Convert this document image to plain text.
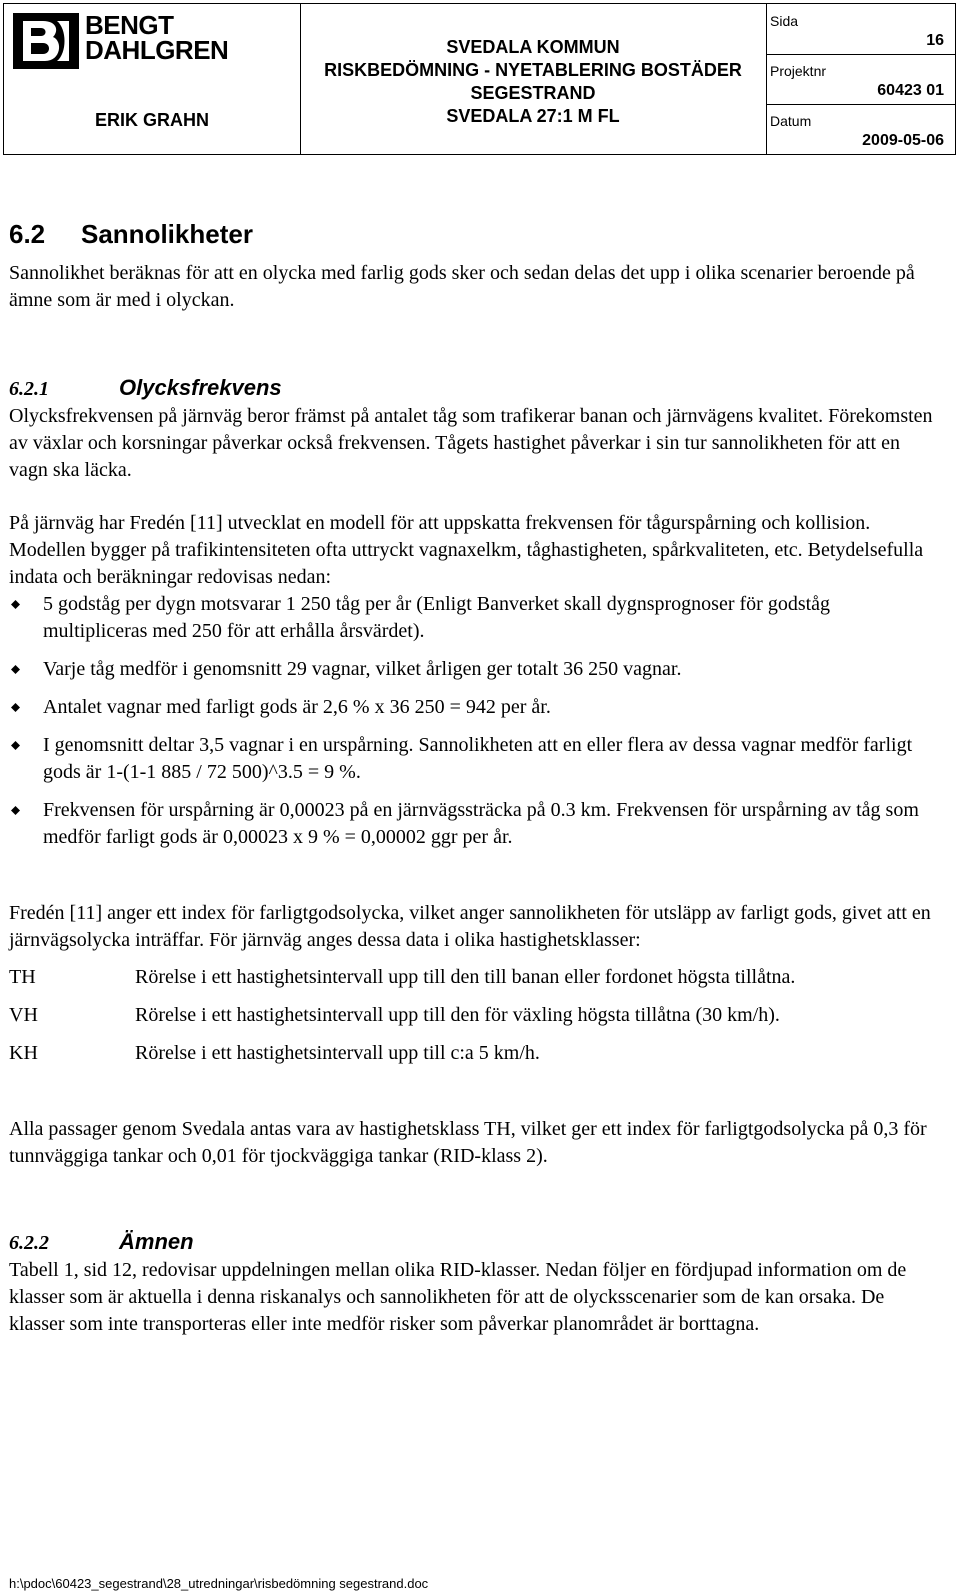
BENGT
DAHLGREN
ERIK GRAHN
SVEDALA KOMMUN
RISKBEDÖMNING - NYETABLERING BOSTÄDER
SEGESTRAND
SVEDALA 27:1 M FL
Sida
16
Projektnr
60423 01
Datum
2009-05-06
6.2 Sannolikheter

Sannolikhet beräknas för att en olycka med farlig gods sker och sedan delas det upp i olika scenarier beroende på ämne som är med i olyckan.

6.2.1	Olycksfrekvens

Olycksfrekvensen på järnväg beror främst på antalet tåg som trafikerar banan och järnvägens kvalitet. Förekomsten av växlar och korsningar påverkar också frekvensen. Tågets hastighet påverkar i sin tur sannolikheten för att en vagn ska läcka.

På järnväg har Fredén [11] utvecklat en modell för att uppskatta frekvensen för tågurspårning och kollision. Modellen bygger på trafikintensiteten ofta uttryckt vagnaxelkm, tåghastigheten, spårkvaliteten, etc. Betydelsefulla indata och beräkningar redovisas nedan:

5 godståg per dygn motsvarar 1 250 tåg per år (Enligt Banverket skall dygnsprognoser för godståg multipliceras med 250 för att erhålla årsvärdet).
Varje tåg medför i genomsnitt 29 vagnar, vilket årligen ger totalt 36 250 vagnar.
Antalet vagnar med farligt gods är 2,6 % x 36 250 = 942 per år.
I genomsnitt deltar 3,5 vagnar i en urspårning. Sannolikheten att en eller flera av dessa vagnar medför farligt gods är 1-(1-1 885 / 72 500)^3.5 = 9 %.
Frekvensen för urspårning är 0,00023 på en järnvägssträcka på 0.3 km. Frekvensen för urspårning av tåg som medför farligt gods är 0,00023 x 9 % = 0,00002 ggr per år.

Fredén [11] anger ett index för farligtgodsolycka, vilket anger sannolikheten för utsläpp av farligt gods, givet att en järnvägsolycka inträffar. För järnväg anges dessa data i olika hastighetsklasser:

TH	Rörelse i ett hastighetsintervall upp till den till banan eller fordonet högsta tillåtna.
VH	Rörelse i ett hastighetsintervall upp till den för växling högsta tillåtna (30 km/h).
KH	Rörelse i ett hastighetsintervall upp till c:a 5 km/h.

Alla passager genom Svedala antas vara av hastighetsklass TH, vilket ger ett index för farligtgodsolycka på 0,3 för tunnväggiga tankar och 0,01 för tjockväggiga tankar (RID-klass 2).

6.2.2	Ämnen

Tabell 1, sid 12, redovisar uppdelningen mellan olika RID-klasser. Nedan följer en fördjupad information om de klasser som är aktuella i denna riskanalys och sannolikheten för att de olycksscenarier som de kan orsaka. De klasser som inte transporteras eller inte medför risker som påverkar planområdet är borttagna.

h:\pdoc\60423_segestrand\28_utredningar\risbedömning segestrand.doc
